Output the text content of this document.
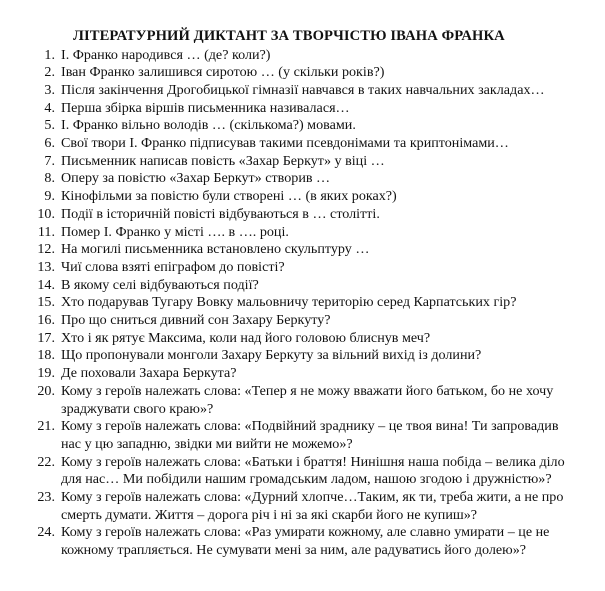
ЛІТЕРАТУРНИЙ ДИКТАНТ ЗА ТВОРЧІСТЮ ІВАНА ФРАНКА
1. І. Франко народився … (де? коли?)
2. Іван Франко залишився сиротою … (у скільки років?)
3. Після закінчення Дрогобицької гімназії навчався в таких навчальних закладах…
4. Перша збірка віршів письменника називалася…
5. І. Франко вільно володів … (скількома?) мовами.
6. Свої твори І. Франко підписував такими псевдонімами та криптонімами…
7. Письменник написав повість «Захар Беркут» у віці …
8. Оперу за повістю «Захар Беркут» створив …
9. Кінофільми за повістю були створені … (в яких роках?)
10. Події в історичній повісті відбуваються в … столітті.
11. Помер І. Франко у місті …. в …. році.
12. На могилі письменника встановлено скульптуру …
13. Чиї слова взяті епіграфом до повісті?
14. В якому селі відбуваються події?
15. Хто подарував Тугару Вовку мальовничу територію серед Карпатських гір?
16. Про що сниться дивний сон Захару Беркуту?
17. Хто і як рятує Максима, коли над його головою блиснув меч?
18. Що пропонували монголи Захару Беркуту за вільний вихід із долини?
19. Де поховали Захара Беркута?
20. Кому з героїв належать слова: «Тепер я не можу вважати його батьком, бо не хочу
зраджувати свого краю»?
21. Кому з героїв належать слова: «Подвійний зраднику – це твоя вина! Ти запровадив
нас у цю западню, звідки ми вийти не можемо»?
22. Кому з героїв належать слова: «Батьки і браття! Нинішня наша побіда – велика діло
для нас… Ми побідили нашим громадським ладом, нашою згодою і дружністю»?
23. Кому з героїв належать слова: «Дурний хлопче…Таким, як ти, треба жити, а не про
смерть думати. Життя – дорога річ і ні за які скарби його не купиш»?
24. Кому з героїв належать слова: «Раз умирати кожному, але славно умирати – це не
кожному трапляється. Не сумувати мені за ним, але радуватись його долею»?
